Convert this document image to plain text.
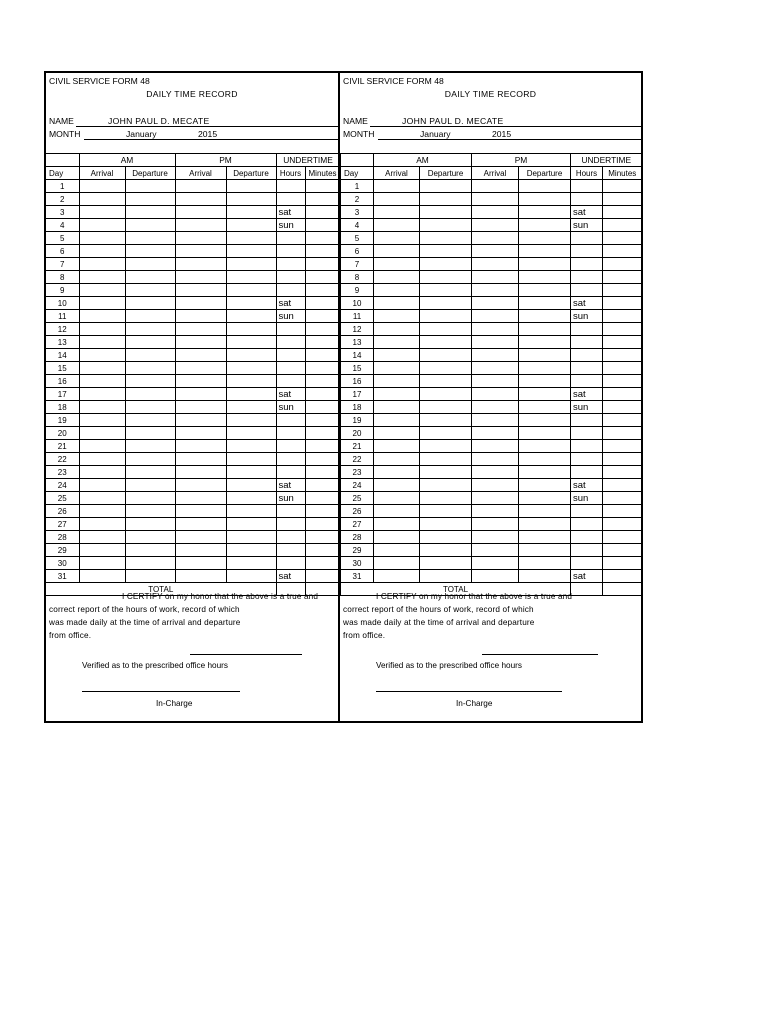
CIVIL SERVICE FORM 48
DAILY TIME RECORD
NAME	JOHN PAUL D. MECATE
MONTH	January	2015
	AM		PM		UNDERTIME	
Day	Arrival	Departure	Arrival	Departure	Hours	Minutes
1						
2						
3					sat	
4					sun	
5						
6						
7						
8						
9						
10					sat	
11					sun	
12						
13						
14						
15						
16						
17					sat	
18					sun	
19						
20						
21						
22						
23						
24					sat	
25					sun	
26						
27						
28						
29						
30						
31					sat	
TOTAL						
I CERTIFY on my honor that the above is a true and
correct report of the hours of work, record of which
was made daily at the time of arrival and departure
from office.
Verified as to the prescribed office hours
In-Charge
CIVIL SERVICE FORM 48
DAILY TIME RECORD
NAME	JOHN PAUL D. MECATE
MONTH	January	2015
	AM		PM		UNDERTIME	
Day	Arrival	Departure	Arrival	Departure	Hours	Minutes
1						
2						
3					sat	
4					sun	
5						
6						
7						
8						
9						
10					sat	
11					sun	
12						
13						
14						
15						
16						
17					sat	
18					sun	
19						
20						
21						
22						
23						
24					sat	
25					sun	
26						
27						
28						
29						
30						
31					sat	
TOTAL						
I CERTIFY on my honor that the above is a true and
correct report of the hours of work, record of which
was made daily at the time of arrival and departure
from office.
Verified as to the prescribed office hours
In-Charge
